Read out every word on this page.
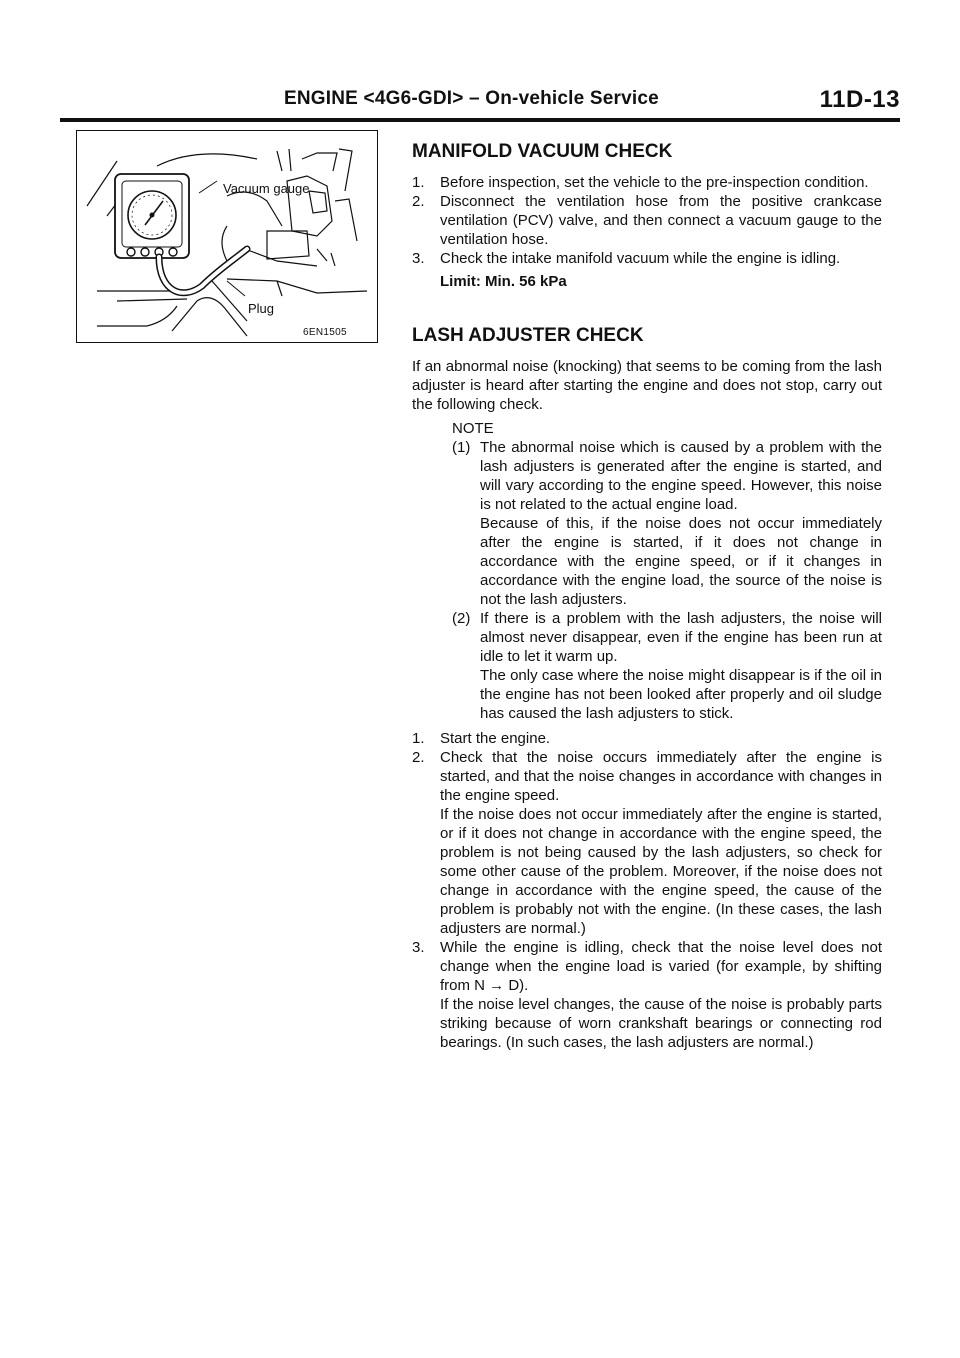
ENGINE <4G6-GDI> – On-vehicle Service	11D-13
Vacuum gauge
Plug
6EN1505
MANIFOLD VACUUM CHECK
1. Before inspection, set the vehicle to the pre-inspection condition.
2. Disconnect the ventilation hose from the positive crankcase ventilation (PCV) valve, and then connect a vacuum gauge to the ventilation hose.
3. Check the intake manifold vacuum while the engine is idling.
Limit: Min. 56 kPa
LASH ADJUSTER CHECK

If an abnormal noise (knocking) that seems to be coming from the lash adjuster is heard after starting the engine and does not stop, carry out the following check.

NOTE
(1) The abnormal noise which is caused by a problem with the lash adjusters is generated after the engine is started, and will vary according to the engine speed. However, this noise is not related to the actual engine load.
Because of this, if the noise does not occur immediately after the engine is started, if it does not change in accordance with the engine speed, or if it changes in accordance with the engine load, the source of the noise is not the lash adjusters.
(2) If there is a problem with the lash adjusters, the noise will almost never disappear, even if the engine has been run at idle to let it warm up.
The only case where the noise might disappear is if the oil in the engine has not been looked after properly and oil sludge has caused the lash adjusters to stick.
1. Start the engine.
2. Check that the noise occurs immediately after the engine is started, and that the noise changes in accordance with changes in the engine speed.
If the noise does not occur immediately after the engine is started, or if it does not change in accordance with the engine speed, the problem is not being caused by the lash adjusters, so check for some other cause of the problem. Moreover, if the noise does not change in accordance with the engine speed, the cause of the problem is probably not with the engine. (In these cases, the lash adjusters are normal.)
3. While the engine is idling, check that the noise level does not change when the engine load is varied (for example, by shifting from N → D).
If the noise level changes, the cause of the noise is probably parts striking because of worn crankshaft bearings or connecting rod bearings. (In such cases, the lash adjusters are normal.)
